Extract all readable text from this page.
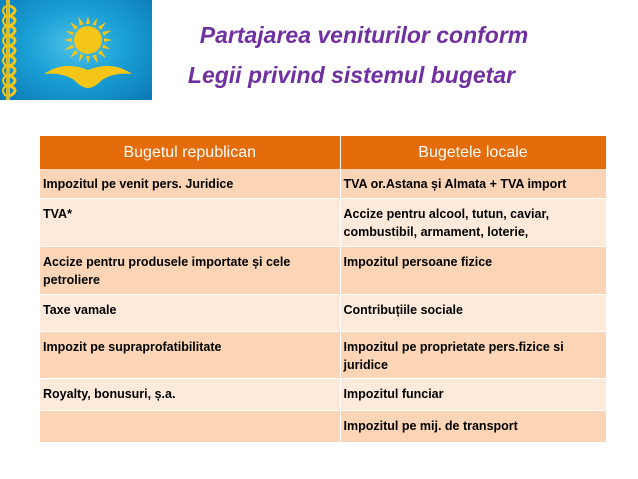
Partajarea veniturilor conform
Legii privind sistemul bugetar
Bugetul republican	Bugetele locale
Impozitul pe venit pers. Juridice	TVA or.Astana și Almata + TVA import
TVA*	Accize pentru alcool, tutun, caviar, combustibil, armament, loterie,
Accize pentru produsele importate și cele petroliere	Impozitul persoane fizice
Taxe vamale	Contribuțiile sociale
Impozit pe supraprofatibilitate	Impozitul pe proprietate pers.fizice si juridice
Royalty, bonusuri, ș.a.	Impozitul funciar
	Impozitul pe mij. de transport
